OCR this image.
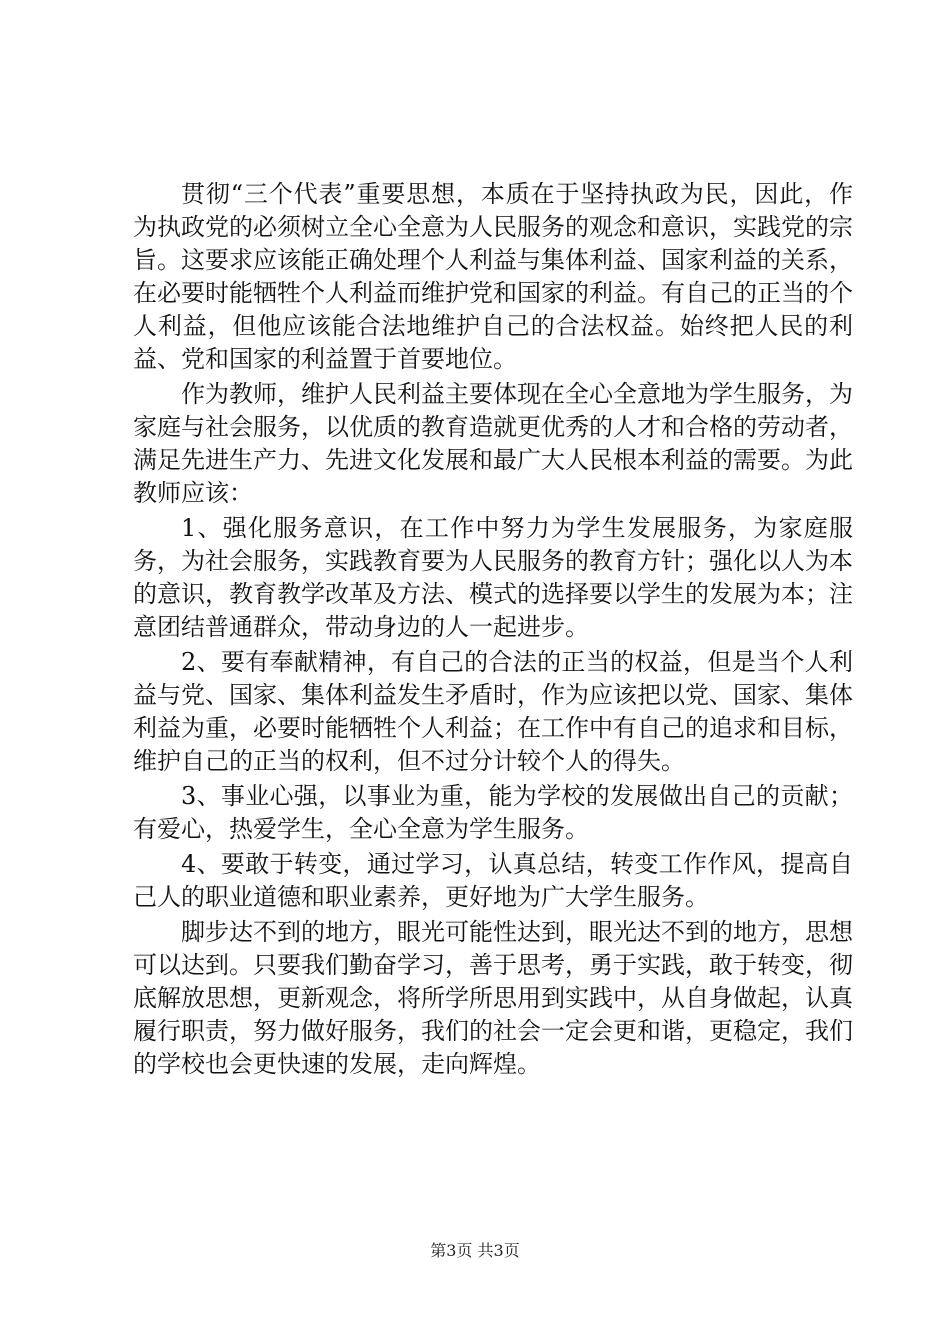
贯彻“三个代表”重要思想，本质在于坚持执政为民，因此，作为执政党的必须树立全心全意为人民服务的观念和意识，实践党的宗旨。这要求应该能正确处理个人利益与集体利益、国家利益的关系，在必要时能牺牲个人利益而维护党和国家的利益。有自己的正当的个人利益，但他应该能合法地维护自己的合法权益。始终把人民的利益、党和国家的利益置于首要地位。

作为教师，维护人民利益主要体现在全心全意地为学生服务，为家庭与社会服务，以优质的教育造就更优秀的人才和合格的劳动者，满足先进生产力、先进文化发展和最广大人民根本利益的需要。为此教师应该：

1、强化服务意识，在工作中努力为学生发展服务，为家庭服务，为社会服务，实践教育要为人民服务的教育方针；强化以人为本的意识，教育教学改革及方法、模式的选择要以学生的发展为本；注意团结普通群众，带动身边的人一起进步。

2、要有奉献精神，有自己的合法的正当的权益，但是当个人利益与党、国家、集体利益发生矛盾时，作为应该把以党、国家、集体利益为重，必要时能牺牲个人利益；在工作中有自己的追求和目标，维护自己的正当的权利，但不过分计较个人的得失。

3、事业心强，以事业为重，能为学校的发展做出自己的贡献；有爱心，热爱学生，全心全意为学生服务。

4、要敢于转变，通过学习，认真总结，转变工作作风，提高自己人的职业道德和职业素养，更好地为广大学生服务。

脚步达不到的地方，眼光可能性达到，眼光达不到的地方，思想可以达到。只要我们勤奋学习，善于思考，勇于实践，敢于转变，彻底解放思想，更新观念，将所学所思用到实践中，从自身做起，认真履行职责，努力做好服务，我们的社会一定会更和谐，更稳定，我们的学校也会更快速的发展，走向辉煌。

第3页 共3页
